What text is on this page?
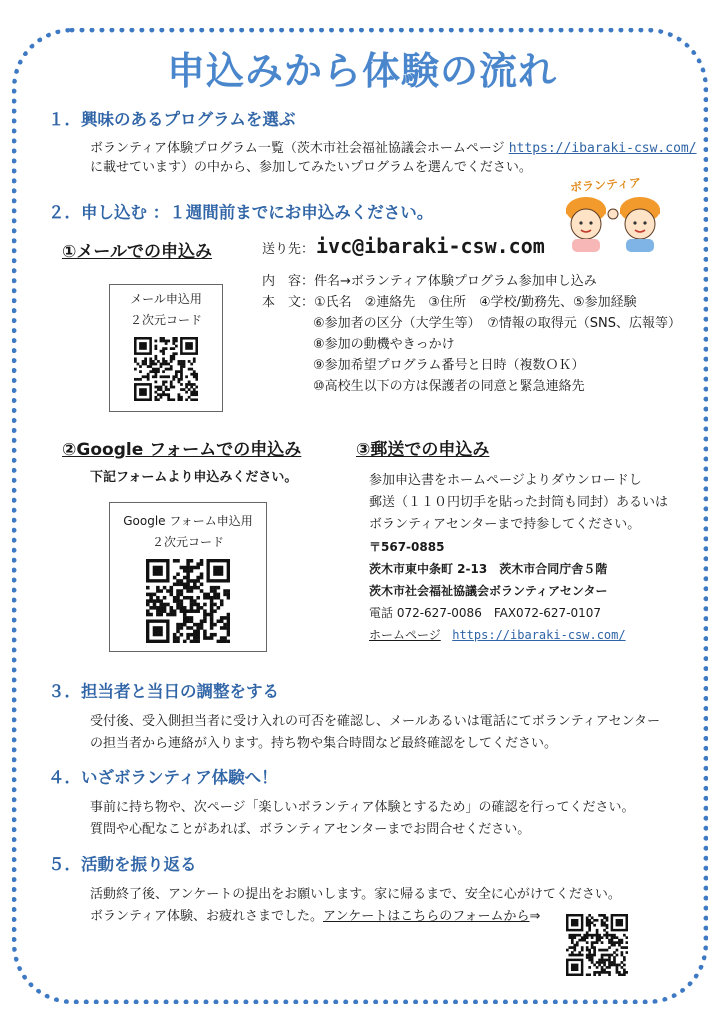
申込みから体験の流れ
１．興味のあるプログラムを選ぶ
ボランティア体験プログラム一覧（茨木市社会福祉協議会ホームページ https://ibaraki-csw.com/
に載せています）の中から、参加してみたいプログラムを選んでください。
２．申し込む ：１週間前までにお申込みください。
ボランティア
①メールでの申込み	送り先： ivc@ibaraki-csw.com
内　容：件名→ボランティア体験プログラム参加申し込み
本　文：①氏名　②連絡先　③住所　④学校/勤務先、⑤参加経験
⑥参加者の区分（大学生等）　⑦情報の取得元（SNS、広報等）
⑧参加の動機やきっかけ
⑨参加希望プログラム番号と日時（複数ＯＫ）
⑩高校生以下の方は保護者の同意と緊急連絡先
メール申込用
２次元コード
②Google フォームでの申込み
下記フォームより申込みください。
Google フォーム申込用
２次元コード
③郵送での申込み
参加申込書をホームページよりダウンロードし
郵送（１１０円切手を貼った封筒も同封）あるいは
ボランティアセンターまで持参してください。
〒567-0885
茨木市東中条町 2-13　茨木市合同庁舎５階
茨木市社会福祉協議会ボランティアセンター
電話 072-627-0086　FAX072-627-0107
ホームページ https://ibaraki-csw.com/
３．担当者と当日の調整をする
受付後、受入側担当者に受け入れの可否を確認し、メールあるいは電話にてボランティアセンター
の担当者から連絡が入ります。持ち物や集合時間など最終確認をしてください。
４．いざボランティア体験へ！
事前に持ち物や、次ページ「楽しいボランティア体験とするため」の確認を行ってください。
質問や心配なことがあれば、ボランティアセンターまでお問合せください。
５．活動を振り返る
活動終了後、アンケートの提出をお願いします。家に帰るまで、安全に心がけてください。
ボランティア体験、お疲れさまでした。アンケートはこちらのフォームから⇒
